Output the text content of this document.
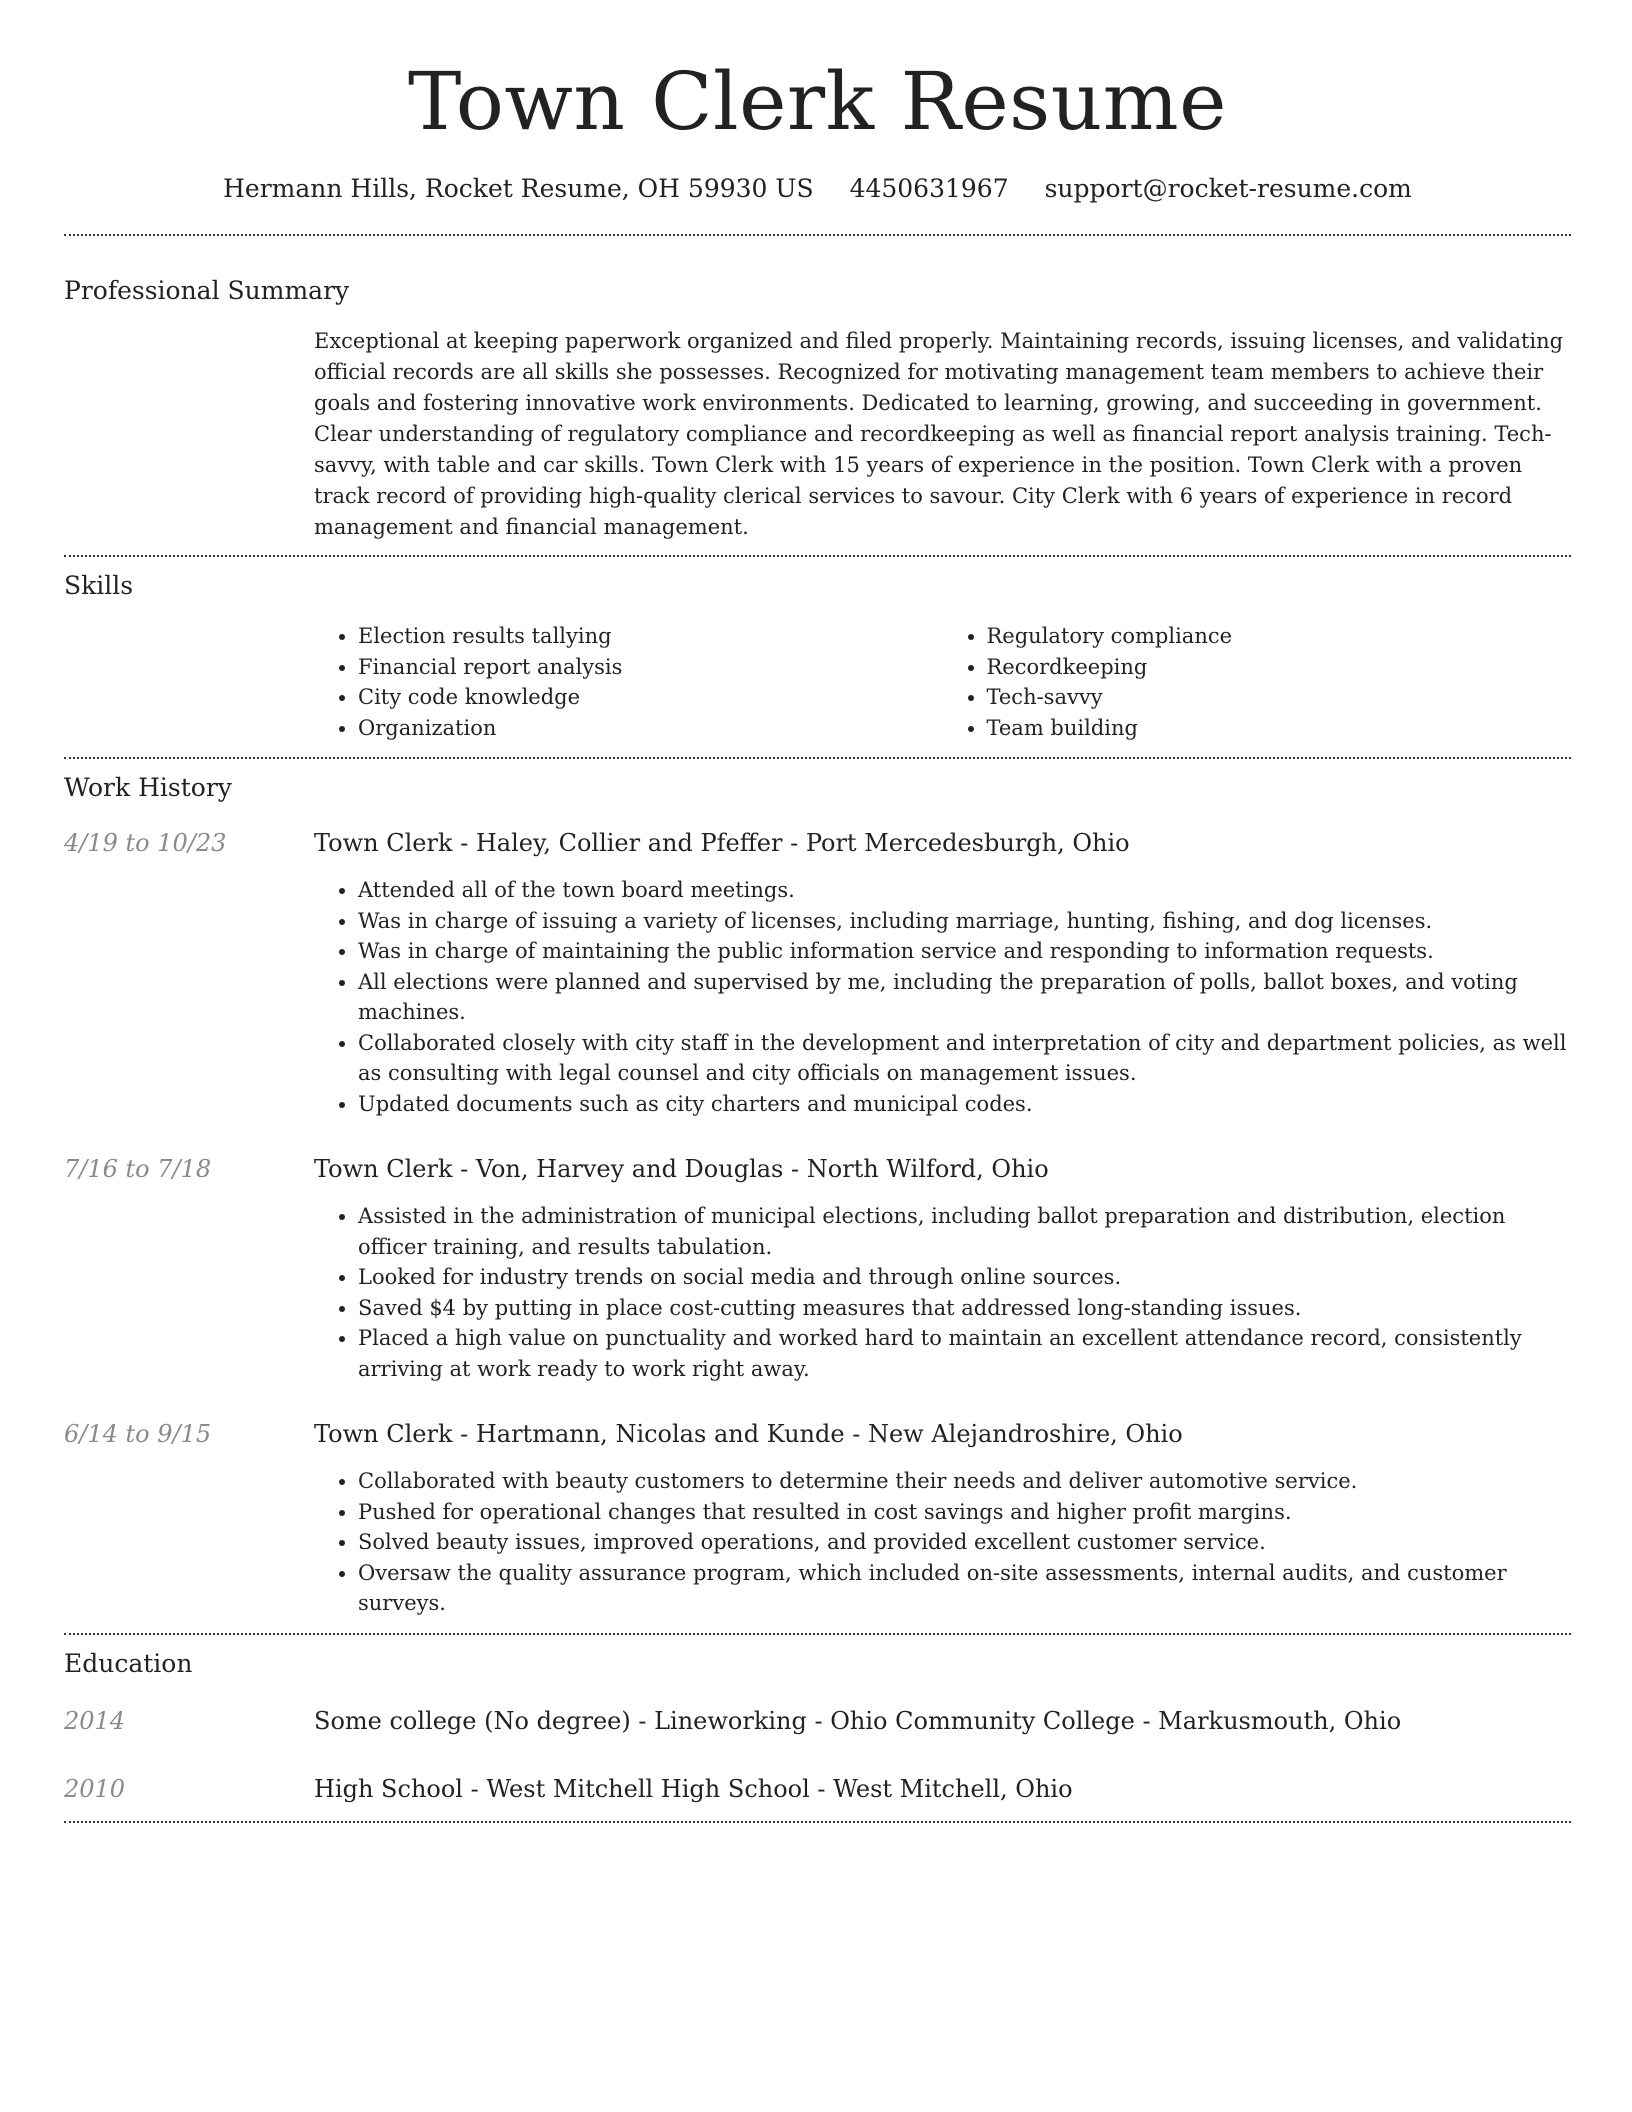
Town Clerk Resume
Hermann Hills, Rocket Resume, OH 59930 US 4450631967 support@rocket-resume.com
Professional Summary
Exceptional at keeping paperwork organized and filed properly. Maintaining records, issuing licenses, and validating official records are all skills she possesses. Recognized for motivating management team members to achieve their goals and fostering innovative work environments. Dedicated to learning, growing, and succeeding in government. Clear understanding of regulatory compliance and recordkeeping as well as financial report analysis training. Tech-savvy, with table and car skills. Town Clerk with 15 years of experience in the position. Town Clerk with a proven track record of providing high-quality clerical services to savour. City Clerk with 6 years of experience in record management and financial management.
Skills
• Election results tallying
• Financial report analysis
• City code knowledge
• Organization
• Regulatory compliance
• Recordkeeping
• Tech-savvy
• Team building
Work History
4/19 to 10/23	Town Clerk - Haley, Collier and Pfeffer - Port Mercedesburgh, Ohio
• Attended all of the town board meetings.
• Was in charge of issuing a variety of licenses, including marriage, hunting, fishing, and dog licenses.
• Was in charge of maintaining the public information service and responding to information requests.
• All elections were planned and supervised by me, including the preparation of polls, ballot boxes, and voting machines.
• Collaborated closely with city staff in the development and interpretation of city and department policies, as well as consulting with legal counsel and city officials on management issues.
• Updated documents such as city charters and municipal codes.
7/16 to 7/18	Town Clerk - Von, Harvey and Douglas - North Wilford, Ohio
• Assisted in the administration of municipal elections, including ballot preparation and distribution, election officer training, and results tabulation.
• Looked for industry trends on social media and through online sources.
• Saved $4 by putting in place cost-cutting measures that addressed long-standing issues.
• Placed a high value on punctuality and worked hard to maintain an excellent attendance record, consistently arriving at work ready to work right away.
6/14 to 9/15	Town Clerk - Hartmann, Nicolas and Kunde - New Alejandroshire, Ohio
• Collaborated with beauty customers to determine their needs and deliver automotive service.
• Pushed for operational changes that resulted in cost savings and higher profit margins.
• Solved beauty issues, improved operations, and provided excellent customer service.
• Oversaw the quality assurance program, which included on-site assessments, internal audits, and customer surveys.
Education
2014	Some college (No degree) - Lineworking - Ohio Community College - Markusmouth, Ohio
2010	High School - West Mitchell High School - West Mitchell, Ohio
